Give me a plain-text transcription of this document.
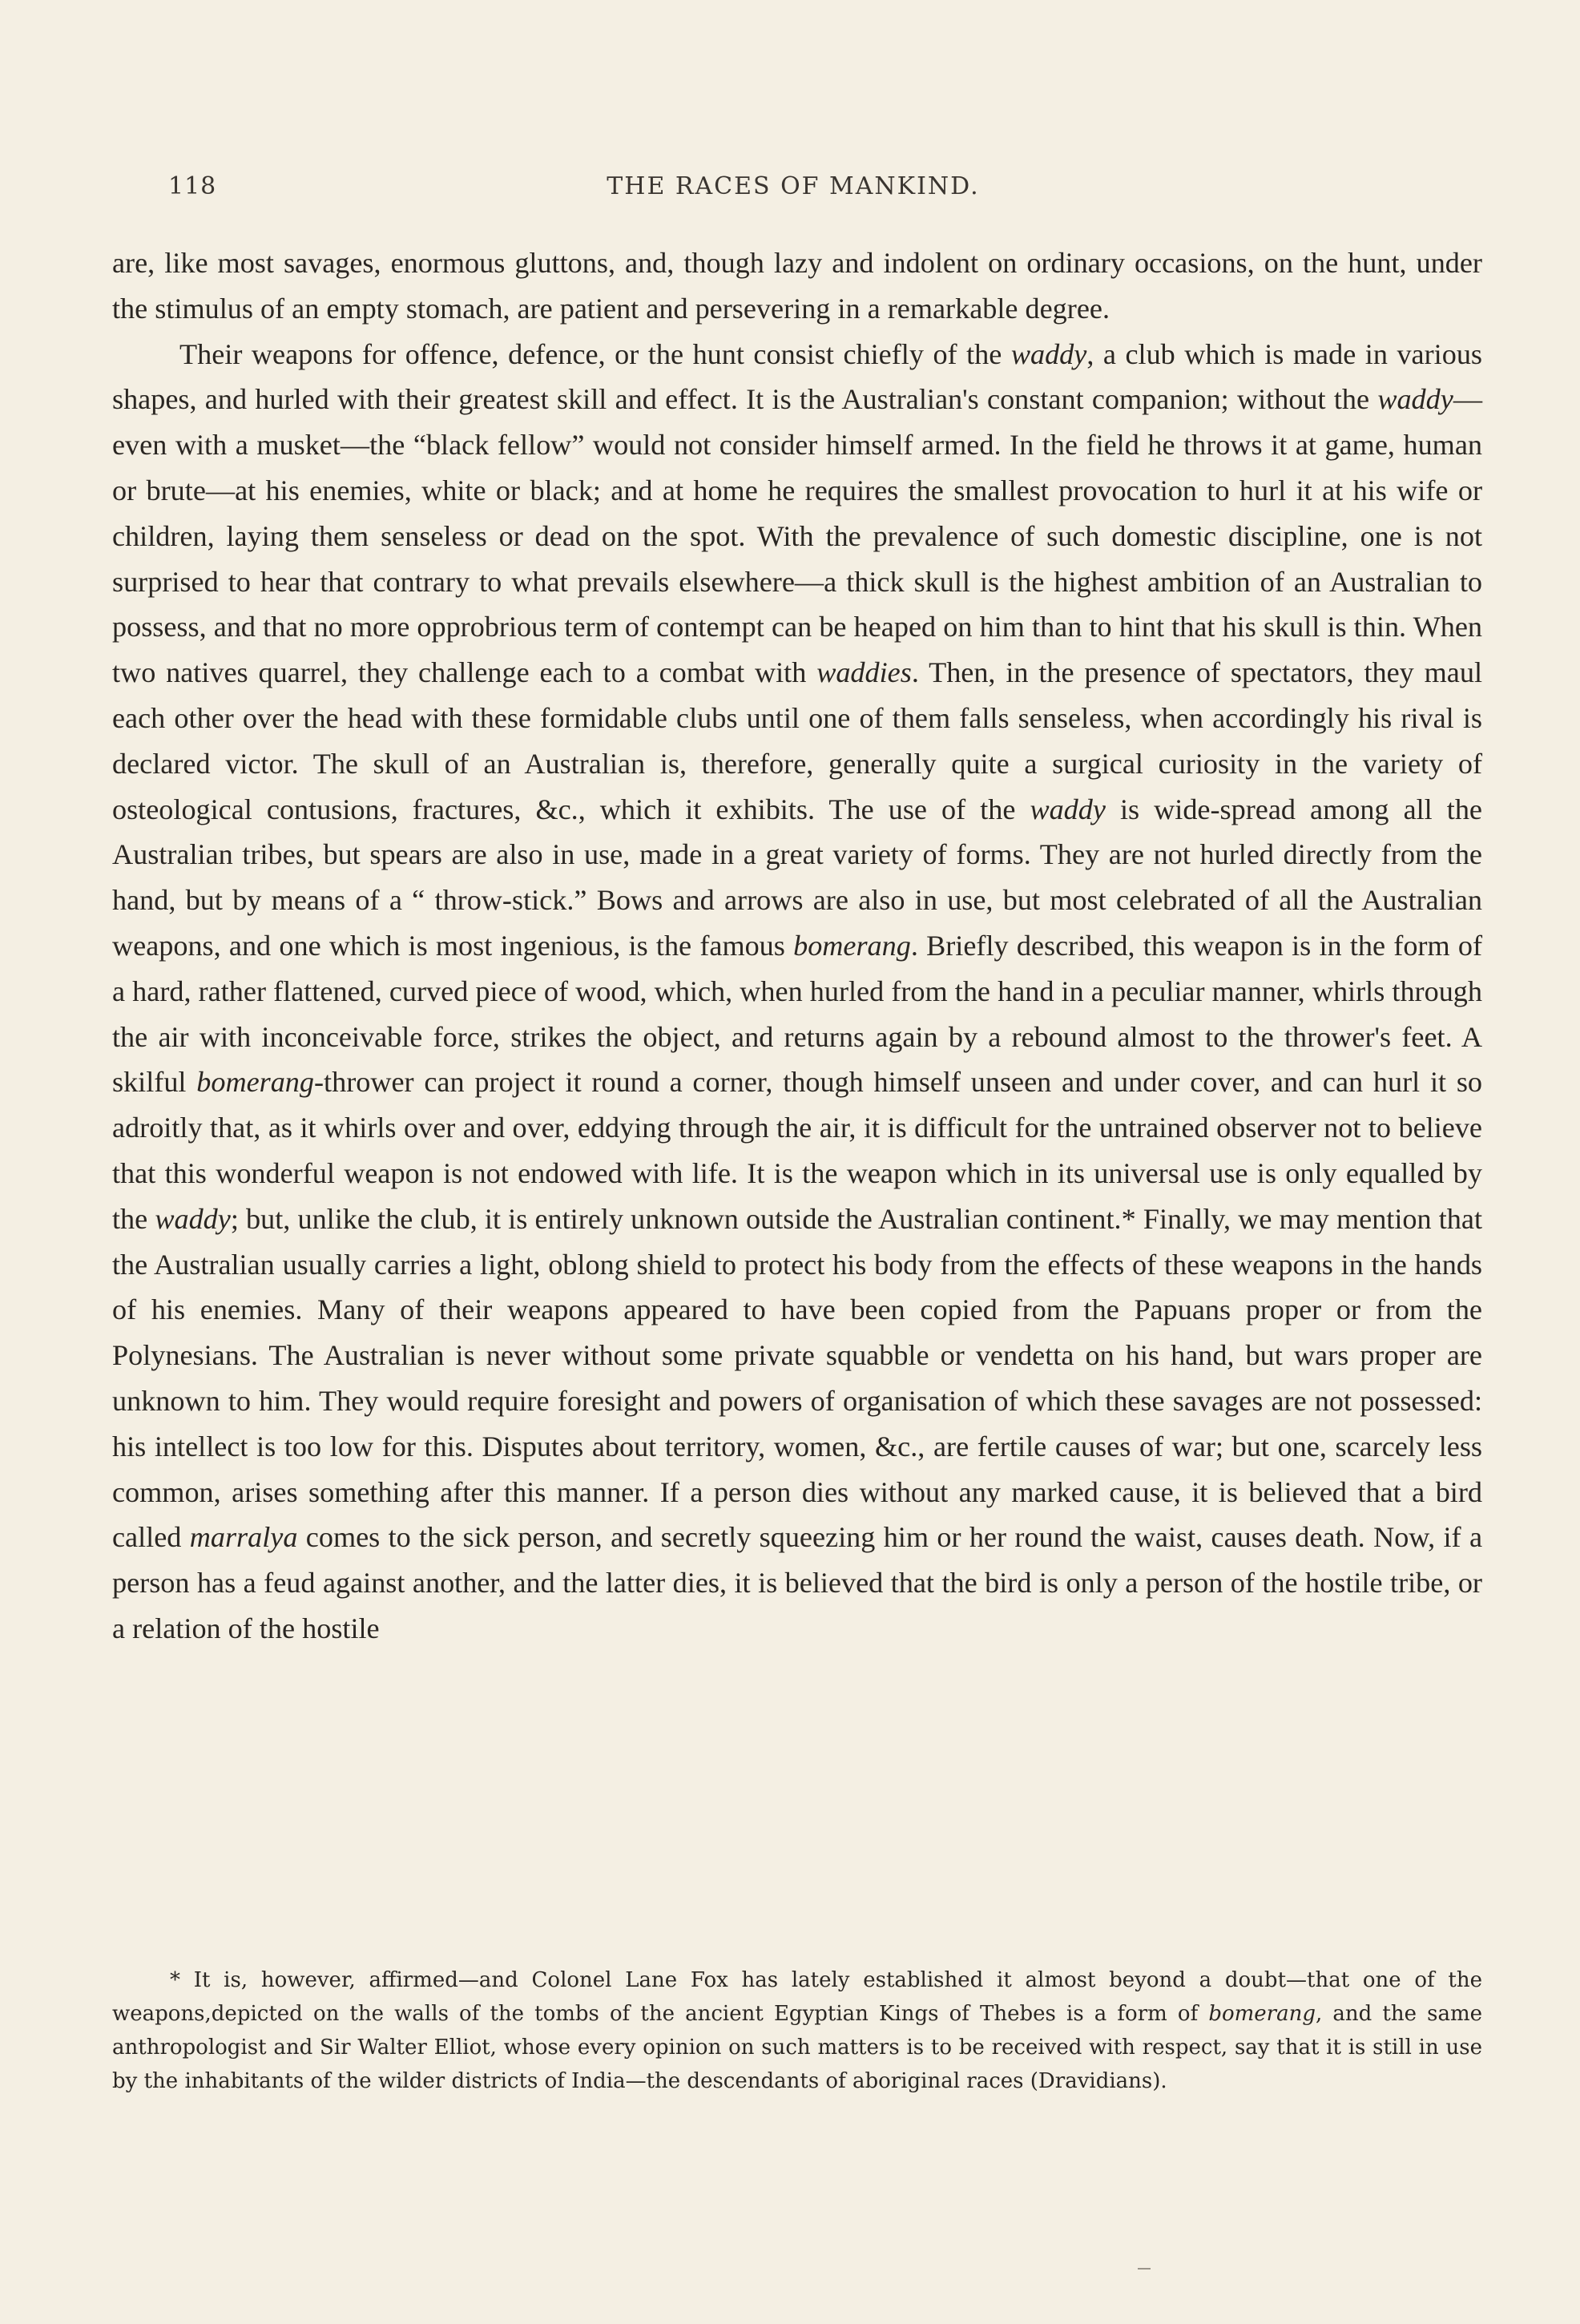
118	THE RACES OF MANKIND.

are, like most savages, enormous gluttons, and, though lazy and indolent on ordinary occasions, on the hunt, under the stimulus of an empty stomach, are patient and persevering in a remarkable degree.

Their weapons for offence, defence, or the hunt consist chiefly of the waddy, a club which is made in various shapes, and hurled with their greatest skill and effect. It is the Australian's constant companion; without the waddy—even with a musket—the “black fellow” would not consider himself armed. In the field he throws it at game, human or brute—at his enemies, white or black; and at home he requires the smallest provocation to hurl it at his wife or children, laying them senseless or dead on the spot. With the prevalence of such domestic discipline, one is not surprised to hear that contrary to what prevails elsewhere—a thick skull is the highest ambition of an Australian to possess, and that no more opprobrious term of contempt can be heaped on him than to hint that his skull is thin. When two natives quarrel, they challenge each to a combat with waddies. Then, in the presence of spectators, they maul each other over the head with these formidable clubs until one of them falls senseless, when accordingly his rival is declared victor. The skull of an Australian is, therefore, generally quite a surgical curiosity in the variety of osteological contusions, fractures, &c., which it exhibits. The use of the waddy is wide-spread among all the Australian tribes, but spears are also in use, made in a great variety of forms. They are not hurled directly from the hand, but by means of a “ throw-stick.” Bows and arrows are also in use, but most celebrated of all the Australian weapons, and one which is most ingenious, is the famous bomerang. Briefly described, this weapon is in the form of a hard, rather flattened, curved piece of wood, which, when hurled from the hand in a peculiar manner, whirls through the air with inconceivable force, strikes the object, and returns again by a rebound almost to the thrower's feet. A skilful bomerang-thrower can project it round a corner, though himself unseen and under cover, and can hurl it so adroitly that, as it whirls over and over, eddying through the air, it is difficult for the untrained observer not to believe that this wonderful weapon is not endowed with life. It is the weapon which in its universal use is only equalled by the waddy; but, unlike the club, it is entirely unknown outside the Australian continent.* Finally, we may mention that the Australian usually carries a light, oblong shield to protect his body from the effects of these weapons in the hands of his enemies. Many of their weapons appeared to have been copied from the Papuans proper or from the Polynesians. The Australian is never without some private squabble or vendetta on his hand, but wars proper are unknown to him. They would require foresight and powers of organisation of which these savages are not possessed: his intellect is too low for this. Disputes about territory, women, &c., are fertile causes of war; but one, scarcely less common, arises something after this manner. If a person dies without any marked cause, it is believed that a bird called marralya comes to the sick person, and secretly squeezing him or her round the waist, causes death. Now, if a person has a feud against another, and the latter dies, it is believed that the bird is only a person of the hostile tribe, or a relation of the hostile

* It is, however, affirmed—and Colonel Lane Fox has lately established it almost beyond a doubt—that one of the weapons,depicted on the walls of the tombs of the ancient Egyptian Kings of Thebes is a form of bomerang, and the same anthropologist and Sir Walter Elliot, whose every opinion on such matters is to be received with respect, say that it is still in use by the inhabitants of the wilder districts of India—the descendants of aboriginal races (Dravidians).
